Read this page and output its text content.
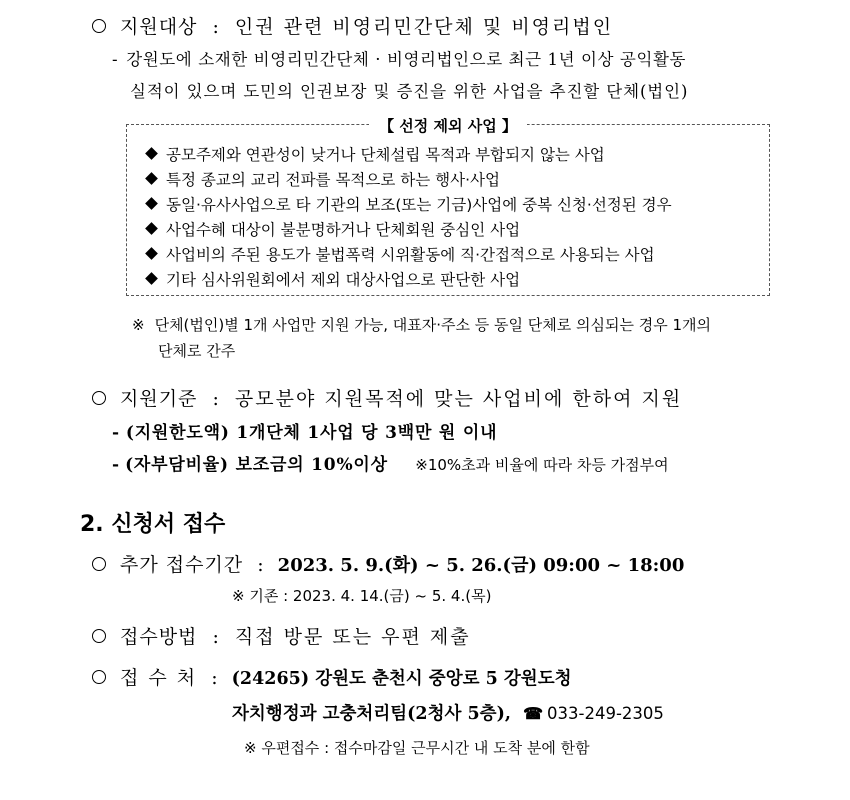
지원대상 : 인권 관련 비영리민간단체 및 비영리법인
- 강원도에 소재한 비영리민간단체 · 비영리법인으로 최근 1년 이상 공익활동
실적이 있으며 도민의 인권보장 및 증진을 위한 사업을 추진할 단체(법인)
【 선정 제외 사업 】
공모주제와 연관성이 낮거나 단체설립 목적과 부합되지 않는 사업
특정 종교의 교리 전파를 목적으로 하는 행사·사업
동일·유사사업으로 타 기관의 보조(또는 기금)사업에 중복 신청·선정된 경우
사업수혜 대상이 불분명하거나 단체회원 중심인 사업
사업비의 주된 용도가 불법폭력 시위활동에 직·간접적으로 사용되는 사업
기타 심사위원회에서 제외 대상사업으로 판단한 사업
※ 단체(법인)별 1개 사업만 지원 가능, 대표자·주소 등 동일 단체로 의심되는 경우 1개의
단체로 간주
지원기준 : 공모분야 지원목적에 맞는 사업비에 한하여 지원
- (지원한도액) 1개단체 1사업 당 3백만 원 이내
- (자부담비율) 보조금의 10%이상 ※10%초과 비율에 따라 차등 가점부여
2. 신청서 접수
추가 접수기간 : 2023. 5. 9.(화) ~ 5. 26.(금) 09:00 ~ 18:00
※ 기존 : 2023. 4. 14.(금) ~ 5. 4.(목)
접수방법 : 직접 방문 또는 우편 제출
접 수 처 : (24265) 강원도 춘천시 중앙로 5 강원도청
자치행정과 고충처리팀(2청사 5층), ☎ 033-249-2305
※ 우편접수 : 접수마감일 근무시간 내 도착 분에 한함
